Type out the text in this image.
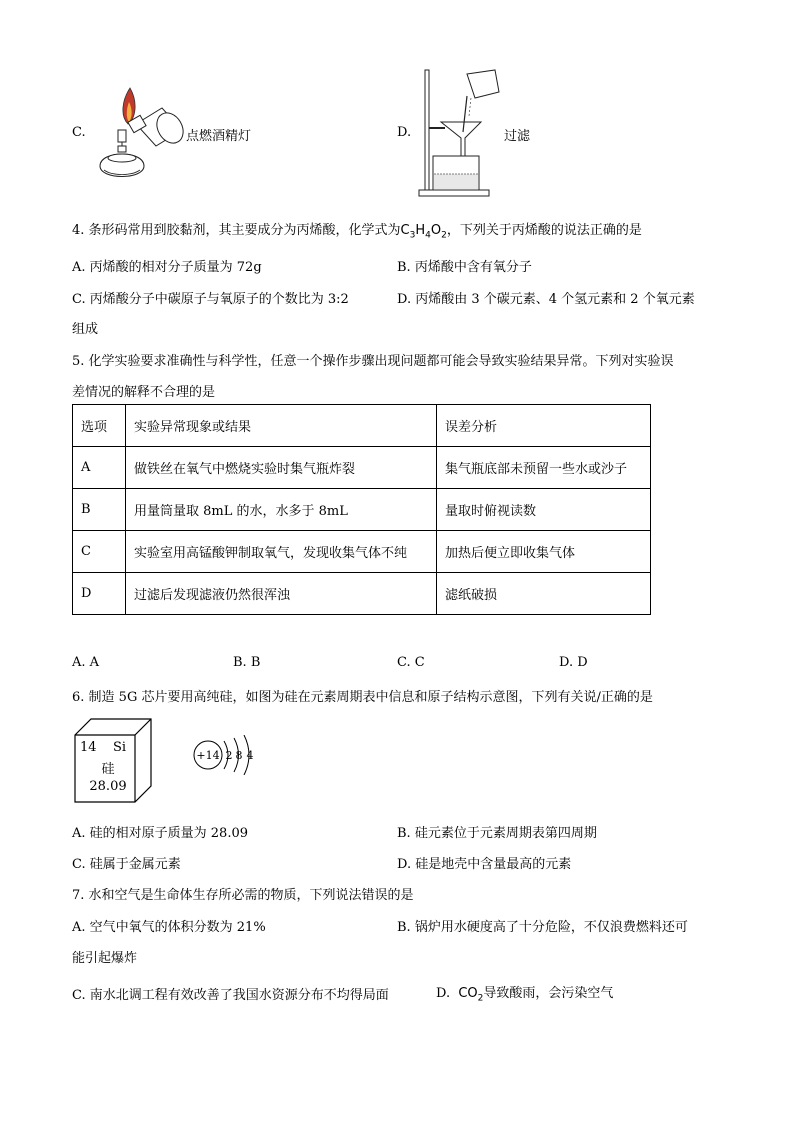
C.	点燃酒精灯	D.	过滤
4. 条形码常用到胶黏剂，其主要成分为丙烯酸，化学式为$C_3H_4O_2$，下列关于丙烯酸的说法正确的是
A. 丙烯酸的相对分子质量为 72g	B. 丙烯酸中含有氧分子
C. 丙烯酸分子中碳原子与氧原子的个数比为 3:2	D. 丙烯酸由 3 个碳元素、4 个氢元素和 2 个氧元素
组成
5. 化学实验要求准确性与科学性，任意一个操作步骤出现问题都可能会导致实验结果异常。下列对实验误
差情况的解释不合理的是
选项	实验异常现象或结果	误差分析
A	做铁丝在氧气中燃烧实验时集气瓶炸裂	集气瓶底部未预留一些水或沙子
B	用量筒量取 8mL 的水，水多于 8mL	量取时俯视读数
C	实验室用高锰酸钾制取氧气，发现收集气体不纯	加热后便立即收集气体
D	过滤后发现滤液仍然很浑浊	滤纸破损
A. A	B. B	C. C	D. D
6. 制造 5G 芯片要用高纯硅，如图为硅在元素周期表中信息和原子结构示意图，下列有关说/正确的是
14 Si
硅
28.09
+14 2 8 4
A. 硅的相对原子质量为 28.09	B. 硅元素位于元素周期表第四周期
C. 硅属于金属元素	D. 硅是地壳中含量最高的元素
7. 水和空气是生命体生存所必需的物质，下列说法错误的是
A. 空气中氧气的体积分数为 21%	B. 锅炉用水硬度高了十分危险，不仅浪费燃料还可
能引起爆炸
C. 南水北调工程有效改善了我国水资源分布不均得局面	D. $CO_2$导致酸雨，会污染空气
